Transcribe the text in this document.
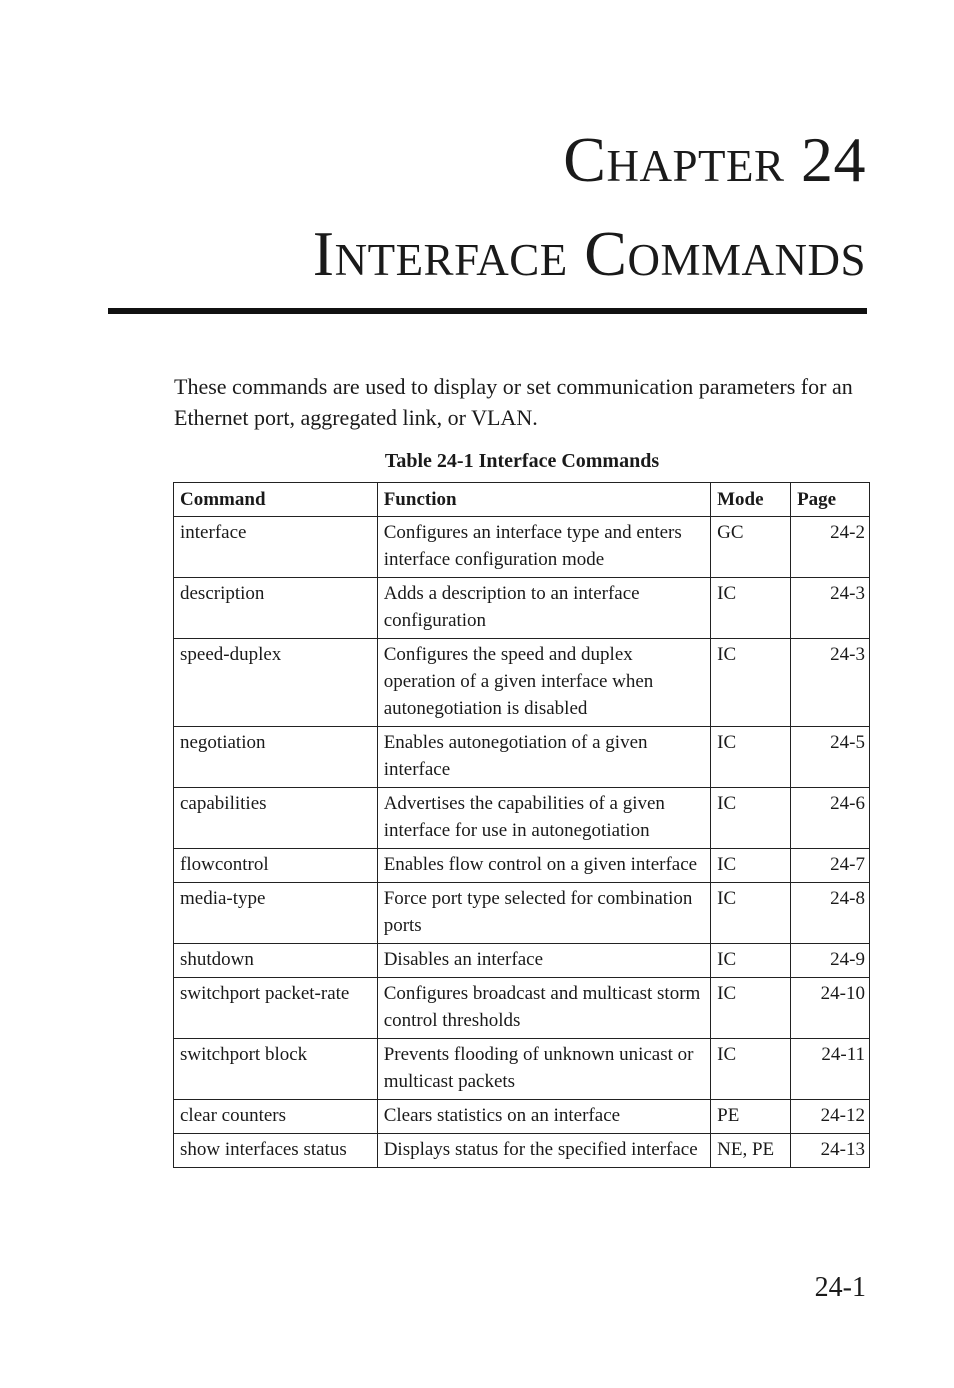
Chapter 24
Interface Commands

These commands are used to display or set communication parameters for an Ethernet port, aggregated link, or VLAN.

Table 24-1 Interface Commands

Command	Function	Mode	Page
interface	Configures an interface type and enters interface configuration mode	GC	24-2
description	Adds a description to an interface configuration	IC	24-3
speed-duplex	Configures the speed and duplex operation of a given interface when autonegotiation is disabled	IC	24-3
negotiation	Enables autonegotiation of a given interface	IC	24-5
capabilities	Advertises the capabilities of a given interface for use in autonegotiation	IC	24-6
flowcontrol	Enables flow control on a given interface	IC	24-7
media-type	Force port type selected for combination ports	IC	24-8
shutdown	Disables an interface	IC	24-9
switchport packet-rate	Configures broadcast and multicast storm control thresholds	IC	24-10
switchport block	Prevents flooding of unknown unicast or multicast packets	IC	24-11
clear counters	Clears statistics on an interface	PE	24-12
show interfaces status	Displays status for the specified interface	NE, PE	24-13

24-1
